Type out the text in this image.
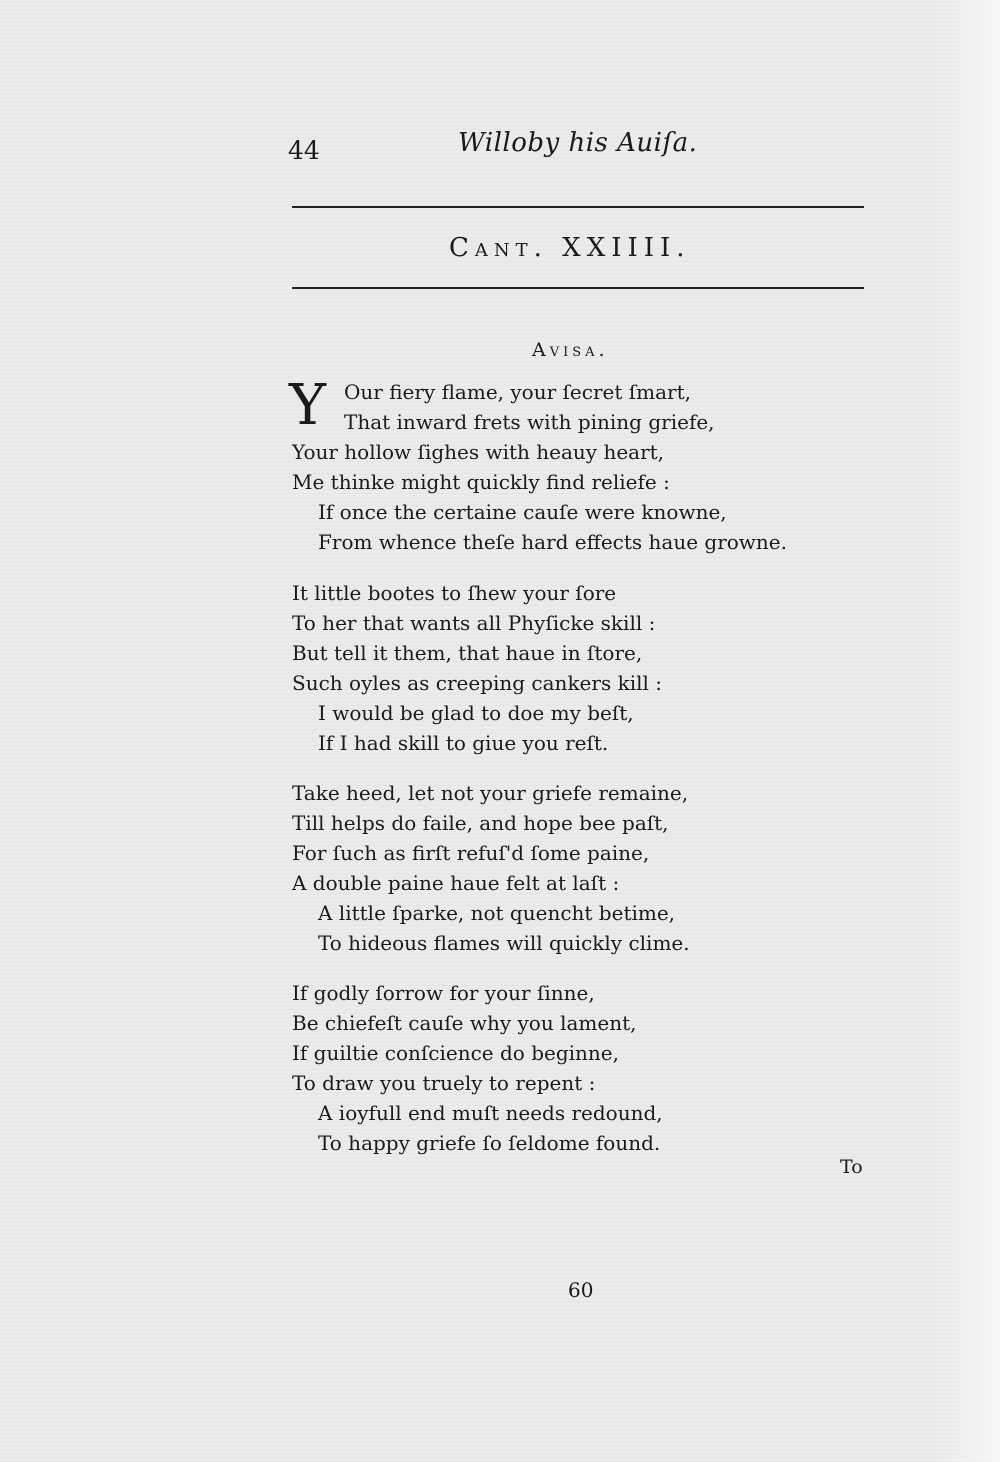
44	Willoby his Auiſa.
Cant. XXIIII.
Avisa.
Y Our fiery flame, your ſecret ſmart,
That inward frets with pining griefe,
Your hollow ſighes with heauy heart,
Me thinke might quickly find reliefe :
If once the certaine cauſe were knowne,
From whence theſe hard effects haue growne.
It little bootes to ſhew your ſore
To her that wants all Phyſicke skill :
But tell it them, that haue in ſtore,
Such oyles as creeping cankers kill :
I would be glad to doe my beſt,
If I had skill to giue you reſt.
Take heed, let not your griefe remaine,
Till helps do faile, and hope bee paſt,
For ſuch as firſt refuſ'd ſome paine,
A double paine haue felt at laſt :
A little ſparke, not quencht betime,
To hideous flames will quickly clime.
If godly ſorrow for your ſinne,
Be chiefeſt cauſe why you lament,
If guiltie conſcience do beginne,
To draw you truely to repent :
A ioyfull end muſt needs redound,
To happy griefe ſo ſeldome found.
To
60
